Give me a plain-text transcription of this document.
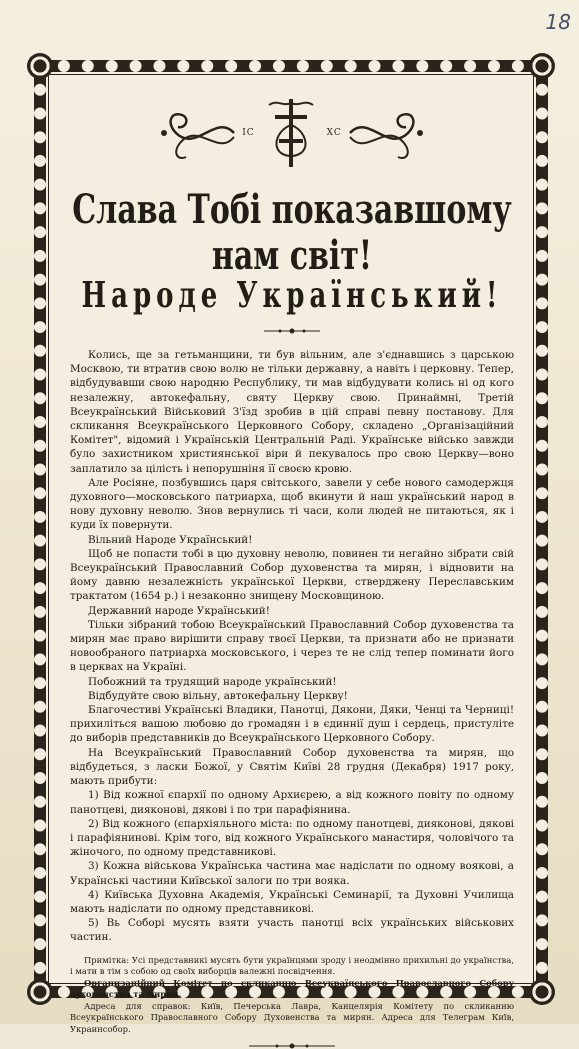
18
IC	XC
Слава Тобі показавшому нам світ!
Народе Український!

Колись, ще за гетьманщини, ти був вільним, але з'єднавшись з царською Москвою, ти втратив свою волю не тільки державну, а навіть і церковну. Тепер, відбудувавши свою народню Республику, ти мав відбудувати колись ні од кого незалежну, автокефальну, святу Церкву свою. Принаймні, Третій Всеукраїнський Військовий З'їзд зробив в цій справі певну постанову. Для скликання Всеукраїнського Церковного Собору, складено „Організаційний Комітет", відомий і Українській Центральній Раді. Українське військо завжди було захистником християнської віри й пекувалось про свою Церкву—воно заплатило за цілість і непорушніня її своєю кровю.

Але Росіяне, позбувшись царя світського, завели у себе нового самодержця духовного—московського патриарха, щоб вкинути й наш український народ в нову духовну неволю. Знов вернулись ті часи, коли людей не питаються, як і куди їх повернути.

Вільний Народе Український!

Щоб не попасти тобі в цю духовну неволю, повинен ти негайно зібрати свій Всеукраїнський Православний Собор духовенства та мирян, і відновити на йому давню незалежність української Церкви, стверджену Переславським трактатом (1654 р.) і незаконно знищену Московщиною.

Державний народе Український!

Тільки зібраний тобою Всеукраїнський Православний Собор духовенства та мирян має право вирішити справу твоєї Церкви, та признати або не признати новообраного патриарха московського, і через те не слід тепер поминати його в церквах на Україні.

Побожний та трудящий народе український!

Відбудуйте свою вільну, автокефальну Церкву!

Благочестиві Українські Владики, Панотці, Дякони, Дяки, Ченці та Черниці! прихиліться вашою любовю до громадян і в єдиннії душ і сердець, пристуліте до виборів представників до Всеукраїнського Церковного Собору.

На Всеукраїнський Православний Собор духовенства та мирян, що відбудеться, з ласки Божої, у Святім Київі 28 грудня (Декабря) 1917 року, мають прибути:

1) Від кожної єпархії по одному Архиєрею, а від кожного повіту по одному панотцеві, дияконові, дякові і по три парафіянина.

2) Від кожного (єпархіяльного міста: по одному панотцеві, дияконові, дякові і парафіянинові. Крім того, від кожного Українського манастиря, чоловічого та жіночого, по одному представникові.

3) Кожна військова Українська частина має надіслати по одному воякові, а Українські частини Київської залоги по три вояка.

4) Київська Духовна Академія, Українські Семинарії, та Духовні Училища мають надіслати по одному представникові.

5) Вь Соборі мусять взяти участь панотці всіх українських військових частин.

Примітка: Усі представникі мусять бути українцями зроду і неодмінно прихильні до українства, і мати в тім з собою од своїх виборців валежні посвідчення.

Организаційний Комітет по скликанню Всеукраїнського Православного Собору духовенства та мирян.

Адреса для справок: Київ, Печерська Лавра, Канцелярія Комітету по скликанню Всеукраїнського Православного Собору Духовенства та мирян. Адреса для Телеграм Київ, Украинсобор.
